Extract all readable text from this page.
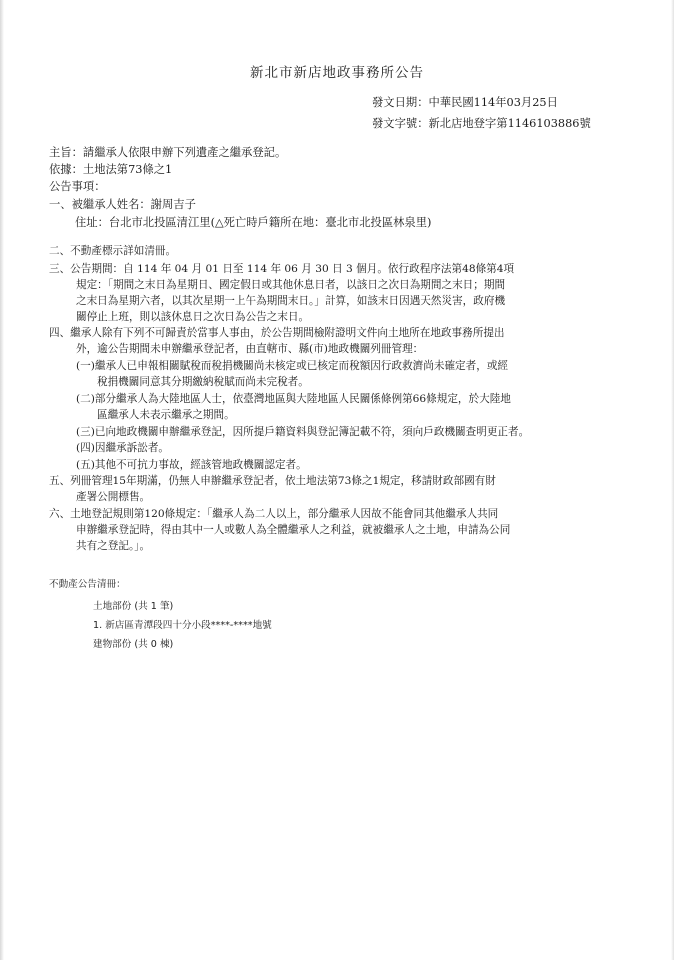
新北市新店地政事務所公告
發文日期：中華民國114年03月25日
發文字號：新北店地登字第1146103886號
主旨：請繼承人依限申辦下列遺產之繼承登記。
依據：土地法第73條之1
公告事項：
一、被繼承人姓名：謝周吉子
住址：台北市北投區清江里(△死亡時戶籍所在地：臺北市北投區林泉里)
二、不動產標示詳如清冊。
三、公告期間：自 114 年 04 月 01 日至 114 年 06 月 30 日 3 個月。依行政程序法第48條第4項
規定：「期間之末日為星期日、國定假日或其他休息日者，以該日之次日為期間之末日；期間
之末日為星期六者，以其次星期一上午為期間末日。」計算，如該末日因遇天然災害，政府機
關停止上班，則以該休息日之次日為公告之末日。
四、繼承人除有下列不可歸責於當事人事由，於公告期間檢附證明文件向土地所在地政事務所提出
外，逾公告期間未申辦繼承登記者，由直轄市、縣(市)地政機關列冊管理：
(一)繼承人已申報相關賦稅而稅捐機關尚未核定或已核定而稅額因行政救濟尚未確定者，或經
稅捐機關同意其分期繳納稅賦而尚未完稅者。
(二)部分繼承人為大陸地區人士，依臺灣地區與大陸地區人民關係條例第66條規定，於大陸地
區繼承人未表示繼承之期間。
(三)已向地政機關申辦繼承登記，因所提戶籍資料與登記簿記載不符，須向戶政機關查明更正者。
(四)因繼承訴訟者。
(五)其他不可抗力事故，經該管地政機關認定者。
五、列冊管理15年期滿，仍無人申辦繼承登記者，依土地法第73條之1規定，移請財政部國有財
產署公開標售。
六、土地登記規則第120條規定：「繼承人為二人以上，部分繼承人因故不能會同其他繼承人共同
申辦繼承登記時，得由其中一人或數人為全體繼承人之利益，就被繼承人之土地，申請為公同
共有之登記。」。
不動產公告清冊：
土地部份 (共 1 筆)
1. 新店區青潭段四十分小段****-****地號
建物部份 (共 0 棟)
